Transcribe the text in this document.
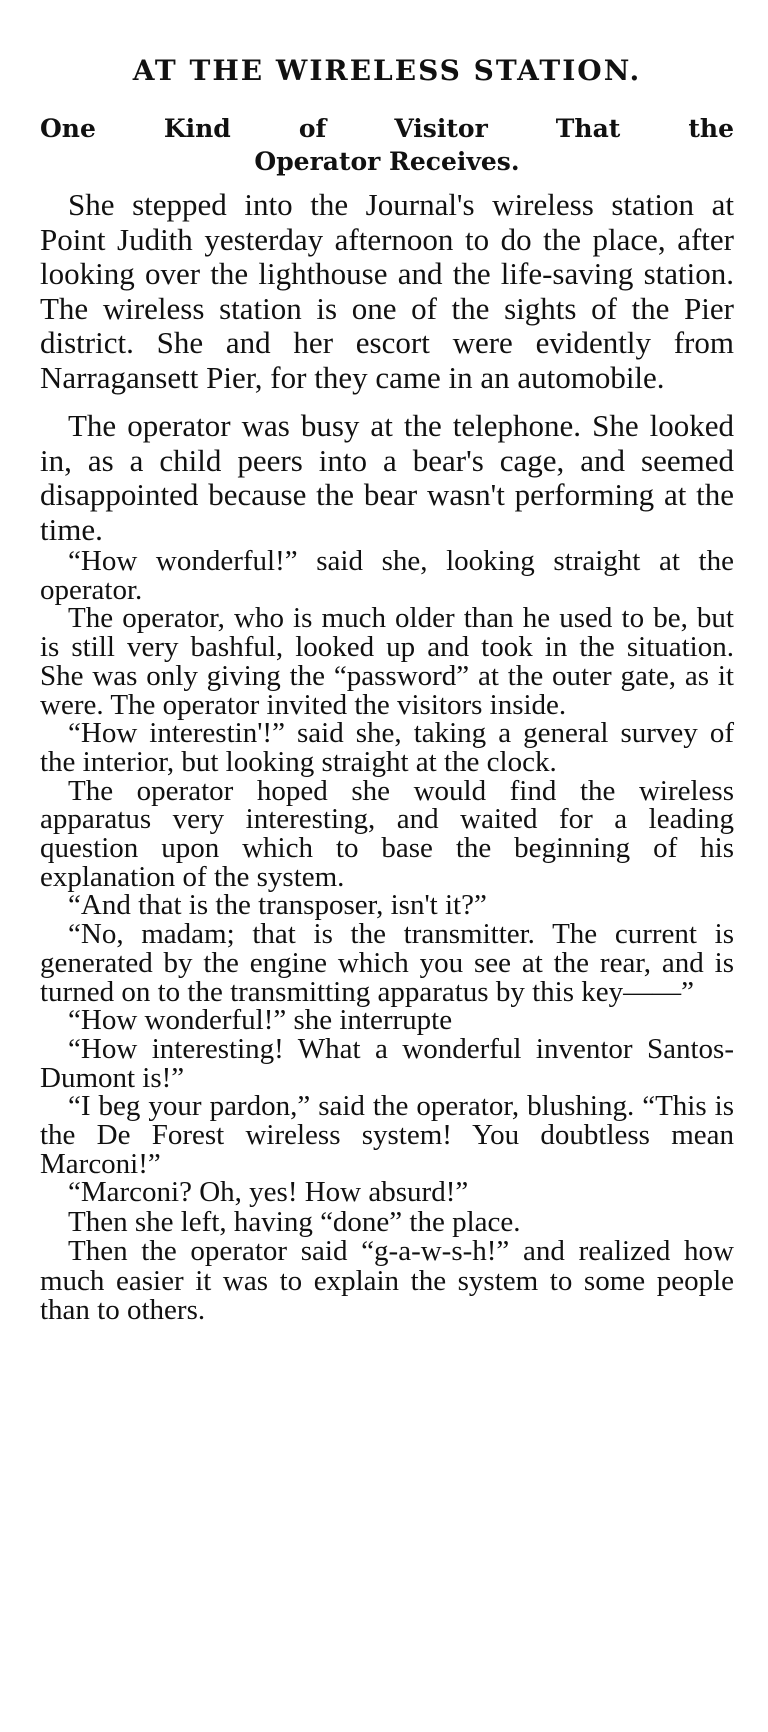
AT THE WIRELESS STATION.
One Kind of Visitor That the
Operator Receives.

She stepped into the Journal's wireless station at Point Judith yesterday afternoon to do the place, after looking over the lighthouse and the life-saving station. The wireless station is one of the sights of the Pier district. She and her escort were evidently from Narragansett Pier, for they came in an automobile.

The operator was busy at the telephone. She looked in, as a child peers into a bear's cage, and seemed disappointed because the bear wasn't performing at the time.

“How wonderful!” said she, looking straight at the operator.

The operator, who is much older than he used to be, but is still very bashful, looked up and took in the situation. She was only giving the “password” at the outer gate, as it were. The operator invited the visitors inside.

“How interestin'!” said she, taking a general survey of the interior, but looking straight at the clock.

The operator hoped she would find the wireless apparatus very interesting, and waited for a leading question upon which to base the beginning of his explanation of the system.

“And that is the transposer, isn't it?”

“No, madam; that is the transmitter. The current is generated by the engine which you see at the rear, and is turned on to the transmitting apparatus by this key——”

“How wonderful!” she interrupte

“How interesting! What a wonderful inventor Santos-Dumont is!”

“I beg your pardon,” said the operator, blushing. “This is the De Forest wireless system! You doubtless mean Marconi!”

“Marconi? Oh, yes! How absurd!”

Then she left, having “done” the place.

Then the operator said “g-a-w-s-h!” and realized how much easier it was to explain the system to some people than to others.
